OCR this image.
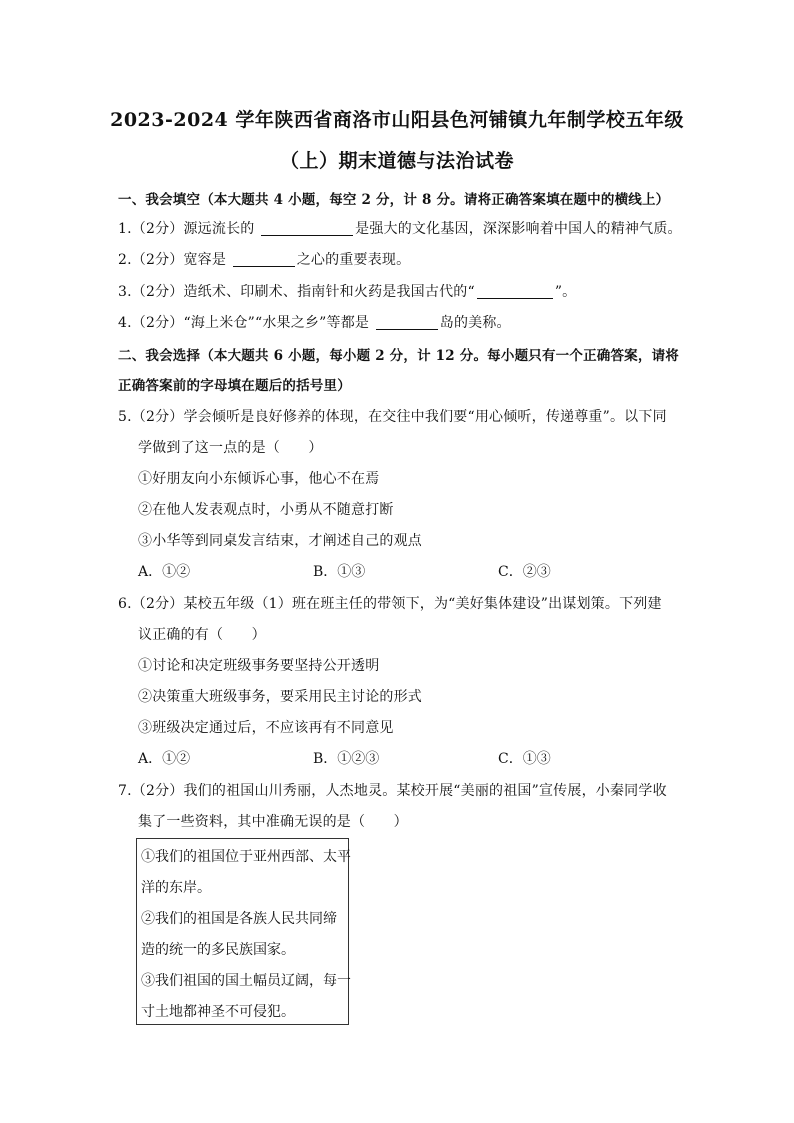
2023-2024 学年陕西省商洛市山阳县色河铺镇九年制学校五年级
（上）期末道德与法治试卷
一、我会填空（本大题共 4 小题，每空 2 分，计 8 分。请将正确答案填在题中的横线上）
1.（2分）源远流长的	是强大的文化基因，深深影响着中国人的精神气质。
2.（2分）宽容是	之心的重要表现。
3.（2分）造纸术、印刷术、指南针和火药是我国古代的“	”。
4.（2分）“海上米仓”“水果之乡”等都是	岛的美称。
二、我会选择（本大题共 6 小题，每小题 2 分，计 12 分。每小题只有一个正确答案，请将
正确答案前的字母填在题后的括号里）
5.（2分）学会倾听是良好修养的体现，在交往中我们要“用心倾听，传递尊重”。以下同
学做到了这一点的是（　　）
①好朋友向小东倾诉心事，他心不在焉
②在他人发表观点时，小勇从不随意打断
③小华等到同桌发言结束，才阐述自己的观点
A．①②	B．①③	C．②③
6.（2分）某校五年级（1）班在班主任的带领下，为“美好集体建设”出谋划策。下列建
议正确的有（　　）
①讨论和决定班级事务要坚持公开透明
②决策重大班级事务，要采用民主讨论的形式
③班级决定通过后，不应该再有不同意见
A．①②	B．①②③	C．①③
7.（2分）我们的祖国山川秀丽，人杰地灵。某校开展“美丽的祖国”宣传展，小秦同学收
集了一些资料，其中准确无误的是（　　）
①我们的祖国位于亚州西部、太平
洋的东岸。
②我们的祖国是各族人民共同缔
造的统一的多民族国家。
③我们祖国的国土幅员辽阔，每一
寸土地都神圣不可侵犯。
